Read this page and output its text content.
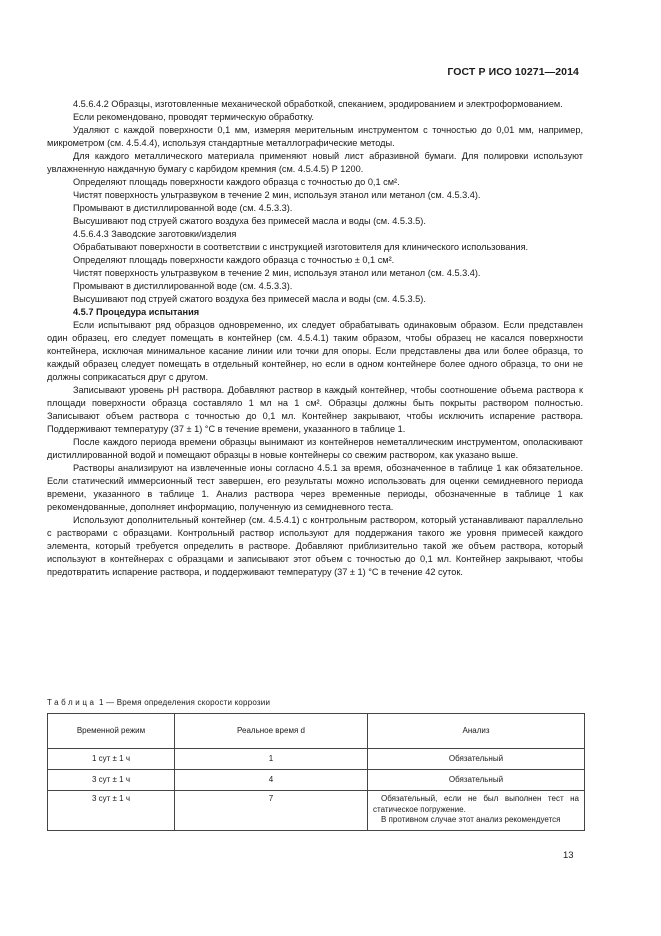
ГОСТ Р ИСО 10271—2014

4.5.6.4.2 Образцы, изготовленные механической обработкой, спеканием, эродированием и электроформованием.

Если рекомендовано, проводят термическую обработку.

Удаляют с каждой поверхности 0,1 мм, измеряя мерительным инструментом с точностью до 0,01 мм, например, микрометром (см. 4.5.4.4), используя стандартные металлографические методы.

Для каждого металлического материала применяют новый лист абразивной бумаги. Для полировки используют увлажненную наждачную бумагу с карбидом кремния (см. 4.5.4.5) Р 1200.

Определяют площадь поверхности каждого образца с точностью до 0,1 см².

Чистят поверхность ультразвуком в течение 2 мин, используя этанол или метанол (см. 4.5.3.4).

Промывают в дистиллированной воде (см. 4.5.3.3).

Высушивают под струей сжатого воздуха без примесей масла и воды (см. 4.5.3.5).

4.5.6.4.3 Заводские заготовки/изделия

Обрабатывают поверхности в соответствии с инструкцией изготовителя для клинического использования.

Определяют площадь поверхности каждого образца с точностью ± 0,1 см².

Чистят поверхность ультразвуком в течение 2 мин, используя этанол или метанол (см. 4.5.3.4).

Промывают в дистиллированной воде (см. 4.5.3.3).

Высушивают под струей сжатого воздуха без примесей масла и воды (см. 4.5.3.5).

4.5.7 Процедура испытания

Если испытывают ряд образцов одновременно, их следует обрабатывать одинаковым образом. Если представлен один образец, его следует помещать в контейнер (см. 4.5.4.1) таким образом, чтобы образец не касался поверхности контейнера, исключая минимальное касание линии или точки для опоры. Если представлены два или более образца, то каждый образец следует помещать в отдельный контейнер, но если в одном контейнере более одного образца, то они не должны соприкасаться друг с другом.

Записывают уровень pH раствора. Добавляют раствор в каждый контейнер, чтобы соотношение объема раствора к площади поверхности образца составляло 1 мл на 1 см². Образцы должны быть покрыты раствором полностью. Записывают объем раствора с точностью до 0,1 мл. Контейнер закрывают, чтобы исключить испарение раствора. Поддерживают температуру (37 ± 1) °С в течение времени, указанного в таблице 1.

После каждого периода времени образцы вынимают из контейнеров неметаллическим инструментом, ополаскивают дистиллированной водой и помещают образцы в новые контейнеры со свежим раствором, как указано выше.

Растворы анализируют на извлеченные ионы согласно 4.5.1 за время, обозначенное в таблице 1 как обязательное. Если статический иммерсионный тест завершен, его результаты можно использовать для оценки семидневного периода времени, указанного в таблице 1. Анализ раствора через временные периоды, обозначенные в таблице 1 как рекомендованные, дополняет информацию, полученную из семидневного теста.

Используют дополнительный контейнер (см. 4.5.4.1) с контрольным раствором, который устанавливают параллельно с растворами с образцами. Контрольный раствор используют для поддержания такого же уровня примесей каждого элемента, который требуется определить в растворе. Добавляют приблизительно такой же объем раствора, который используют в контейнерах с образцами и записывают этот объем с точностью до 0,1 мл. Контейнер закрывают, чтобы предотвратить испарение раствора, и поддерживают температуру (37 ± 1) °С в течение 42 суток.

Таблица 1 — Время определения скорости коррозии
Временной режим	Реальное время d	Анализ
1 сут ± 1 ч	1	Обязательный
3 сут ± 1 ч	4	Обязательный
3 сут ± 1 ч	7	Обязательный, если не был выполнен тест на статическое погружение.
В противном случае этот анализ рекомендуется
13
